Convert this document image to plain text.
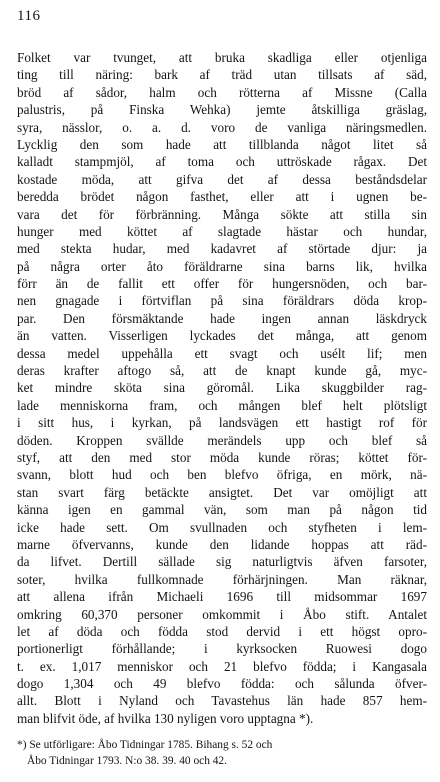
116
Folket var tvunget, att bruka skadliga eller otjenliga
ting till näring: bark af träd utan tillsats af säd,
bröd af sådor, halm och rötterna af Missne (Calla
palustris, på Finska Wehka) jemte åtskilliga gräslag,
syra, nässlor, o. a. d. voro de vanliga näringsmedlen.
Lycklig den som hade att tillblanda något litet så
kalladt stampmjöl, af toma och uttröskade rågax. Det
kostade möda, att gifva det af dessa beståndsdelar
beredda brödet någon fasthet, eller att i ugnen be-
vara det för förbränning. Många sökte att stilla sin
hunger med köttet af slagtade hästar och hundar,
med stekta hudar, med kadavret af störtade djur: ja
på några orter åto föräldrarne sina barns lik, hvilka
förr än de fallit ett offer för hungersnöden, och bar-
nen gnagade i förtviflan på sina föräldrars döda krop-
par. Den försmäktande hade ingen annan läskdryck
än vatten. Visserligen lyckades det många, att genom
dessa medel uppehålla ett svagt och usélt lif; men
deras krafter aftogo så, att de knapt kunde gå, myc-
ket mindre sköta sina göromål. Lika skuggbilder rag-
lade menniskorna fram, och mången blef helt plötsligt
i sitt hus, i kyrkan, på landsvägen ett hastigt rof för
döden. Kroppen svällde merändels upp och blef så
styf, att den med stor möda kunde röras; köttet för-
svann, blott hud och ben blefvo öfriga, en mörk, nä-
stan svart färg betäckte ansigtet. Det var omöjligt att
känna igen en gammal vän, som man på någon tid
icke hade sett. Om svullnaden och styfheten i lem-
marne öfvervanns, kunde den lidande hoppas att räd-
da lifvet. Dertill sällade sig naturligtvis äfven farsoter,
soter, hvilka fullkomnade förhärjningen. Man räknar,
att allena ifrån Michaeli 1696 till midsommar 1697
omkring 60,370 personer omkommit i Åbo stift. Antalet
let af döda och födda stod dervid i ett högst opro-
portionerligt förhållande; i kyrksocken Ruowesi dogo
t. ex. 1,017 menniskor och 21 blefvo födda; i Kangasala
dogo 1,304 och 49 blefvo födda: och sålunda öfver-
allt. Blott i Nyland och Tavastehus län hade 857 hem-
man blifvit öde, af hvilka 130 nyligen voro upptagna *).
*) Se utförligare: Åbo Tidningar 1785. Bihang s. 52 och
Åbo Tidningar 1793. N:o 38. 39. 40 och 42.
